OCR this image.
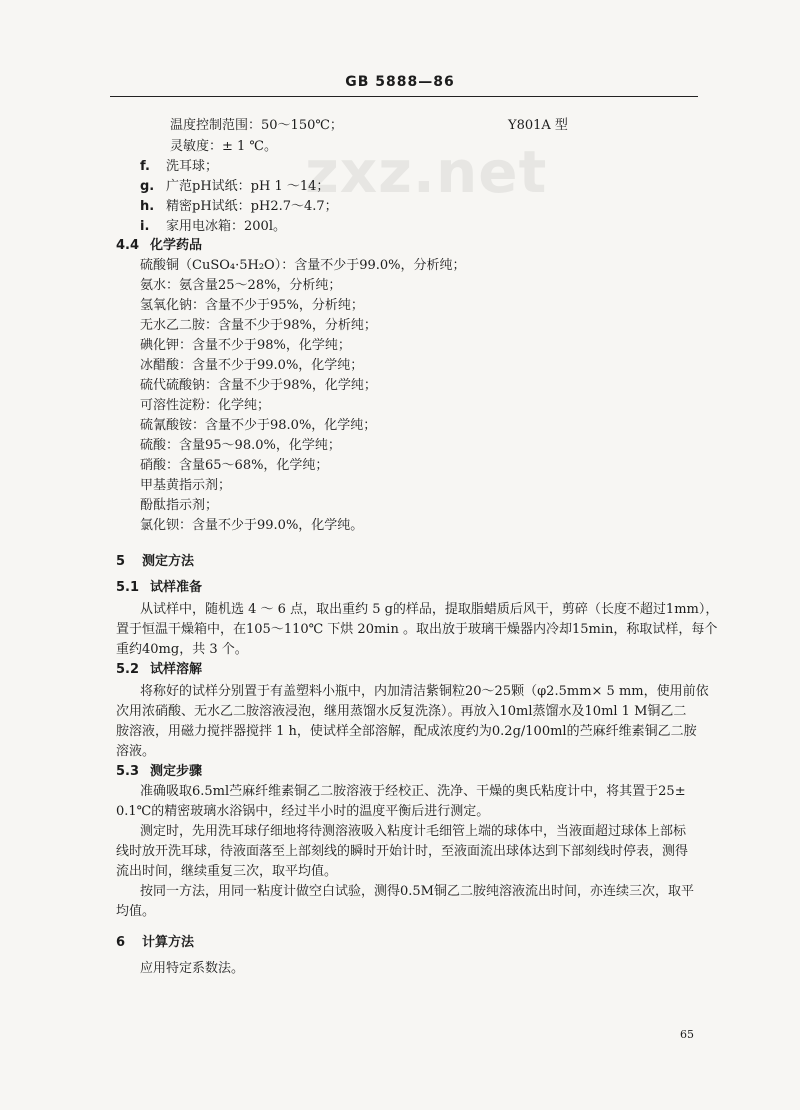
GB 5888—86
zxz.net
温度控制范围：50～150℃；	Y801A 型
灵敏度：± 1 ℃。
f. 洗耳球；
g. 广范pH试纸：pH 1 ～14；
h. 精密pH试纸：pH2.7～4.7；
i. 家用电冰箱：200l。
4.4 化学药品
硫酸铜（CuSO₄·5H₂O）：含量不少于99.0%，分析纯；
氨水：氨含量25～28%，分析纯；
氢氧化钠：含量不少于95%，分析纯；
无水乙二胺：含量不少于98%，分析纯；
碘化钾：含量不少于98%，化学纯；
冰醋酸：含量不少于99.0%，化学纯；
硫代硫酸钠：含量不少于98%，化学纯；
可溶性淀粉：化学纯；
硫氰酸铵：含量不少于98.0%，化学纯；
硫酸：含量95～98.0%，化学纯；
硝酸：含量65～68%，化学纯；
甲基黄指示剂；
酚酞指示剂；
氯化钡：含量不少于99.0%，化学纯。
5 测定方法
5.1 试样准备
从试样中，随机选 4 ～ 6 点，取出重约 5 g的样品，提取脂蜡质后风干，剪碎（长度不超过1mm），
置于恒温干燥箱中，在105～110℃ 下烘 20min 。取出放于玻璃干燥器内冷却15min，称取试样，每个
重约40mg，共 3 个。
5.2 试样溶解
将称好的试样分别置于有盖塑料小瓶中，内加清洁紫铜粒20～25颗（φ2.5mm× 5 mm，使用前依
次用浓硝酸、无水乙二胺溶液浸泡，继用蒸馏水反复洗涤）。再放入10ml蒸馏水及10ml 1 M铜乙二
胺溶液，用磁力搅拌器搅拌 1 h，使试样全部溶解，配成浓度约为0.2g/100ml的苎麻纤维素铜乙二胺
溶液。
5.3 测定步骤
准确吸取6.5ml苎麻纤维素铜乙二胺溶液于经校正、洗净、干燥的奥氏粘度计中，将其置于25±
0.1℃的精密玻璃水浴锅中，经过半小时的温度平衡后进行测定。
测定时，先用洗耳球仔细地将待测溶液吸入粘度计毛细管上端的球体中，当液面超过球体上部标
线时放开洗耳球，待液面落至上部刻线的瞬时开始计时，至液面流出球体达到下部刻线时停表，测得
流出时间，继续重复三次，取平均值。
按同一方法，用同一粘度计做空白试验，测得0.5M铜乙二胺纯溶液流出时间，亦连续三次，取平
均值。
6 计算方法
应用特定系数法。
65
